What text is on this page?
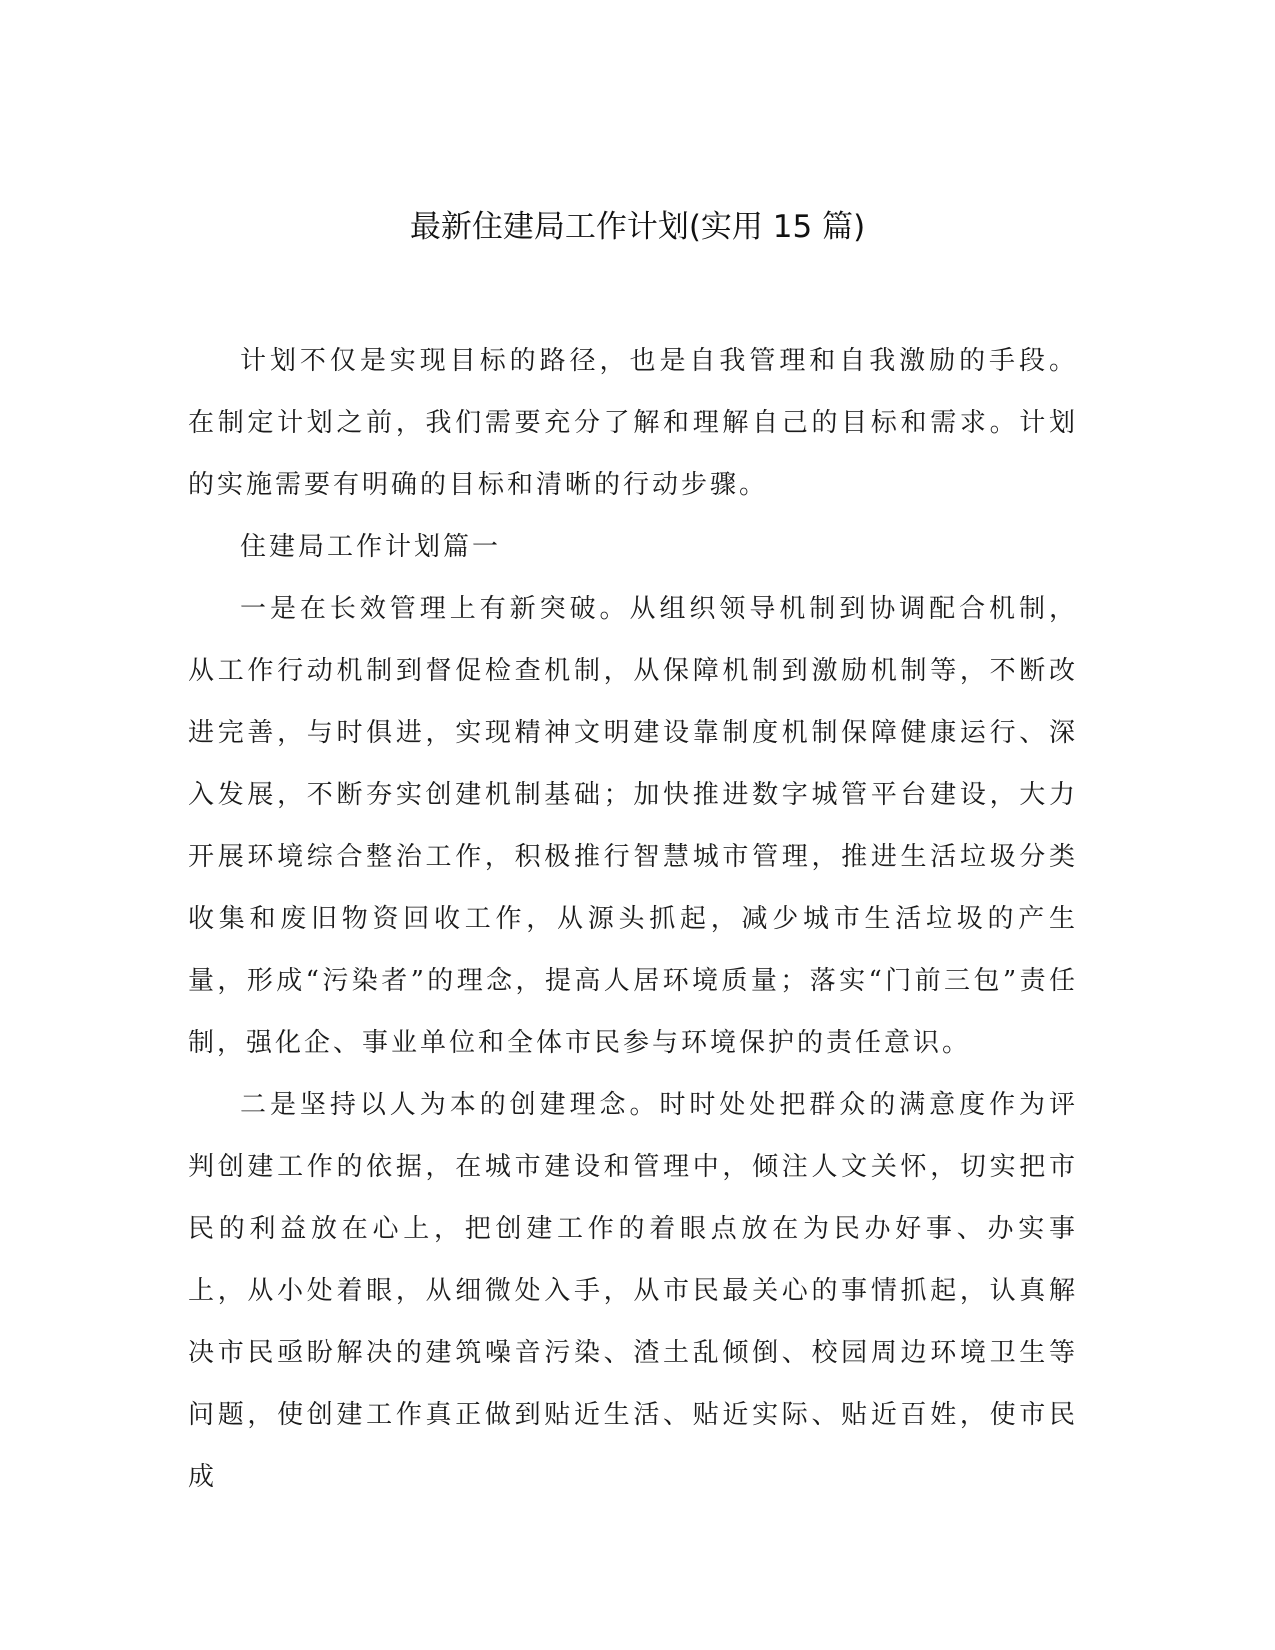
最新住建局工作计划(实用 15 篇)

计划不仅是实现目标的路径，也是自我管理和自我激励的手段。在制定计划之前，我们需要充分了解和理解自己的目标和需求。计划的实施需要有明确的目标和清晰的行动步骤。

住建局工作计划篇一

一是在长效管理上有新突破。从组织领导机制到协调配合机制，从工作行动机制到督促检查机制，从保障机制到激励机制等，不断改进完善，与时俱进，实现精神文明建设靠制度机制保障健康运行、深入发展，不断夯实创建机制基础；加快推进数字城管平台建设，大力开展环境综合整治工作，积极推行智慧城市管理，推进生活垃圾分类收集和废旧物资回收工作，从源头抓起，减少城市生活垃圾的产生量，形成“污染者”的理念，提高人居环境质量；落实“门前三包”责任制，强化企、事业单位和全体市民参与环境保护的责任意识。

二是坚持以人为本的创建理念。时时处处把群众的满意度作为评判创建工作的依据，在城市建设和管理中，倾注人文关怀，切实把市民的利益放在心上，把创建工作的着眼点放在为民办好事、办实事上，从小处着眼，从细微处入手，从市民最关心的事情抓起，认真解决市民亟盼解决的建筑噪音污染、渣土乱倾倒、校园周边环境卫生等问题，使创建工作真正做到贴近生活、贴近实际、贴近百姓，使市民成
